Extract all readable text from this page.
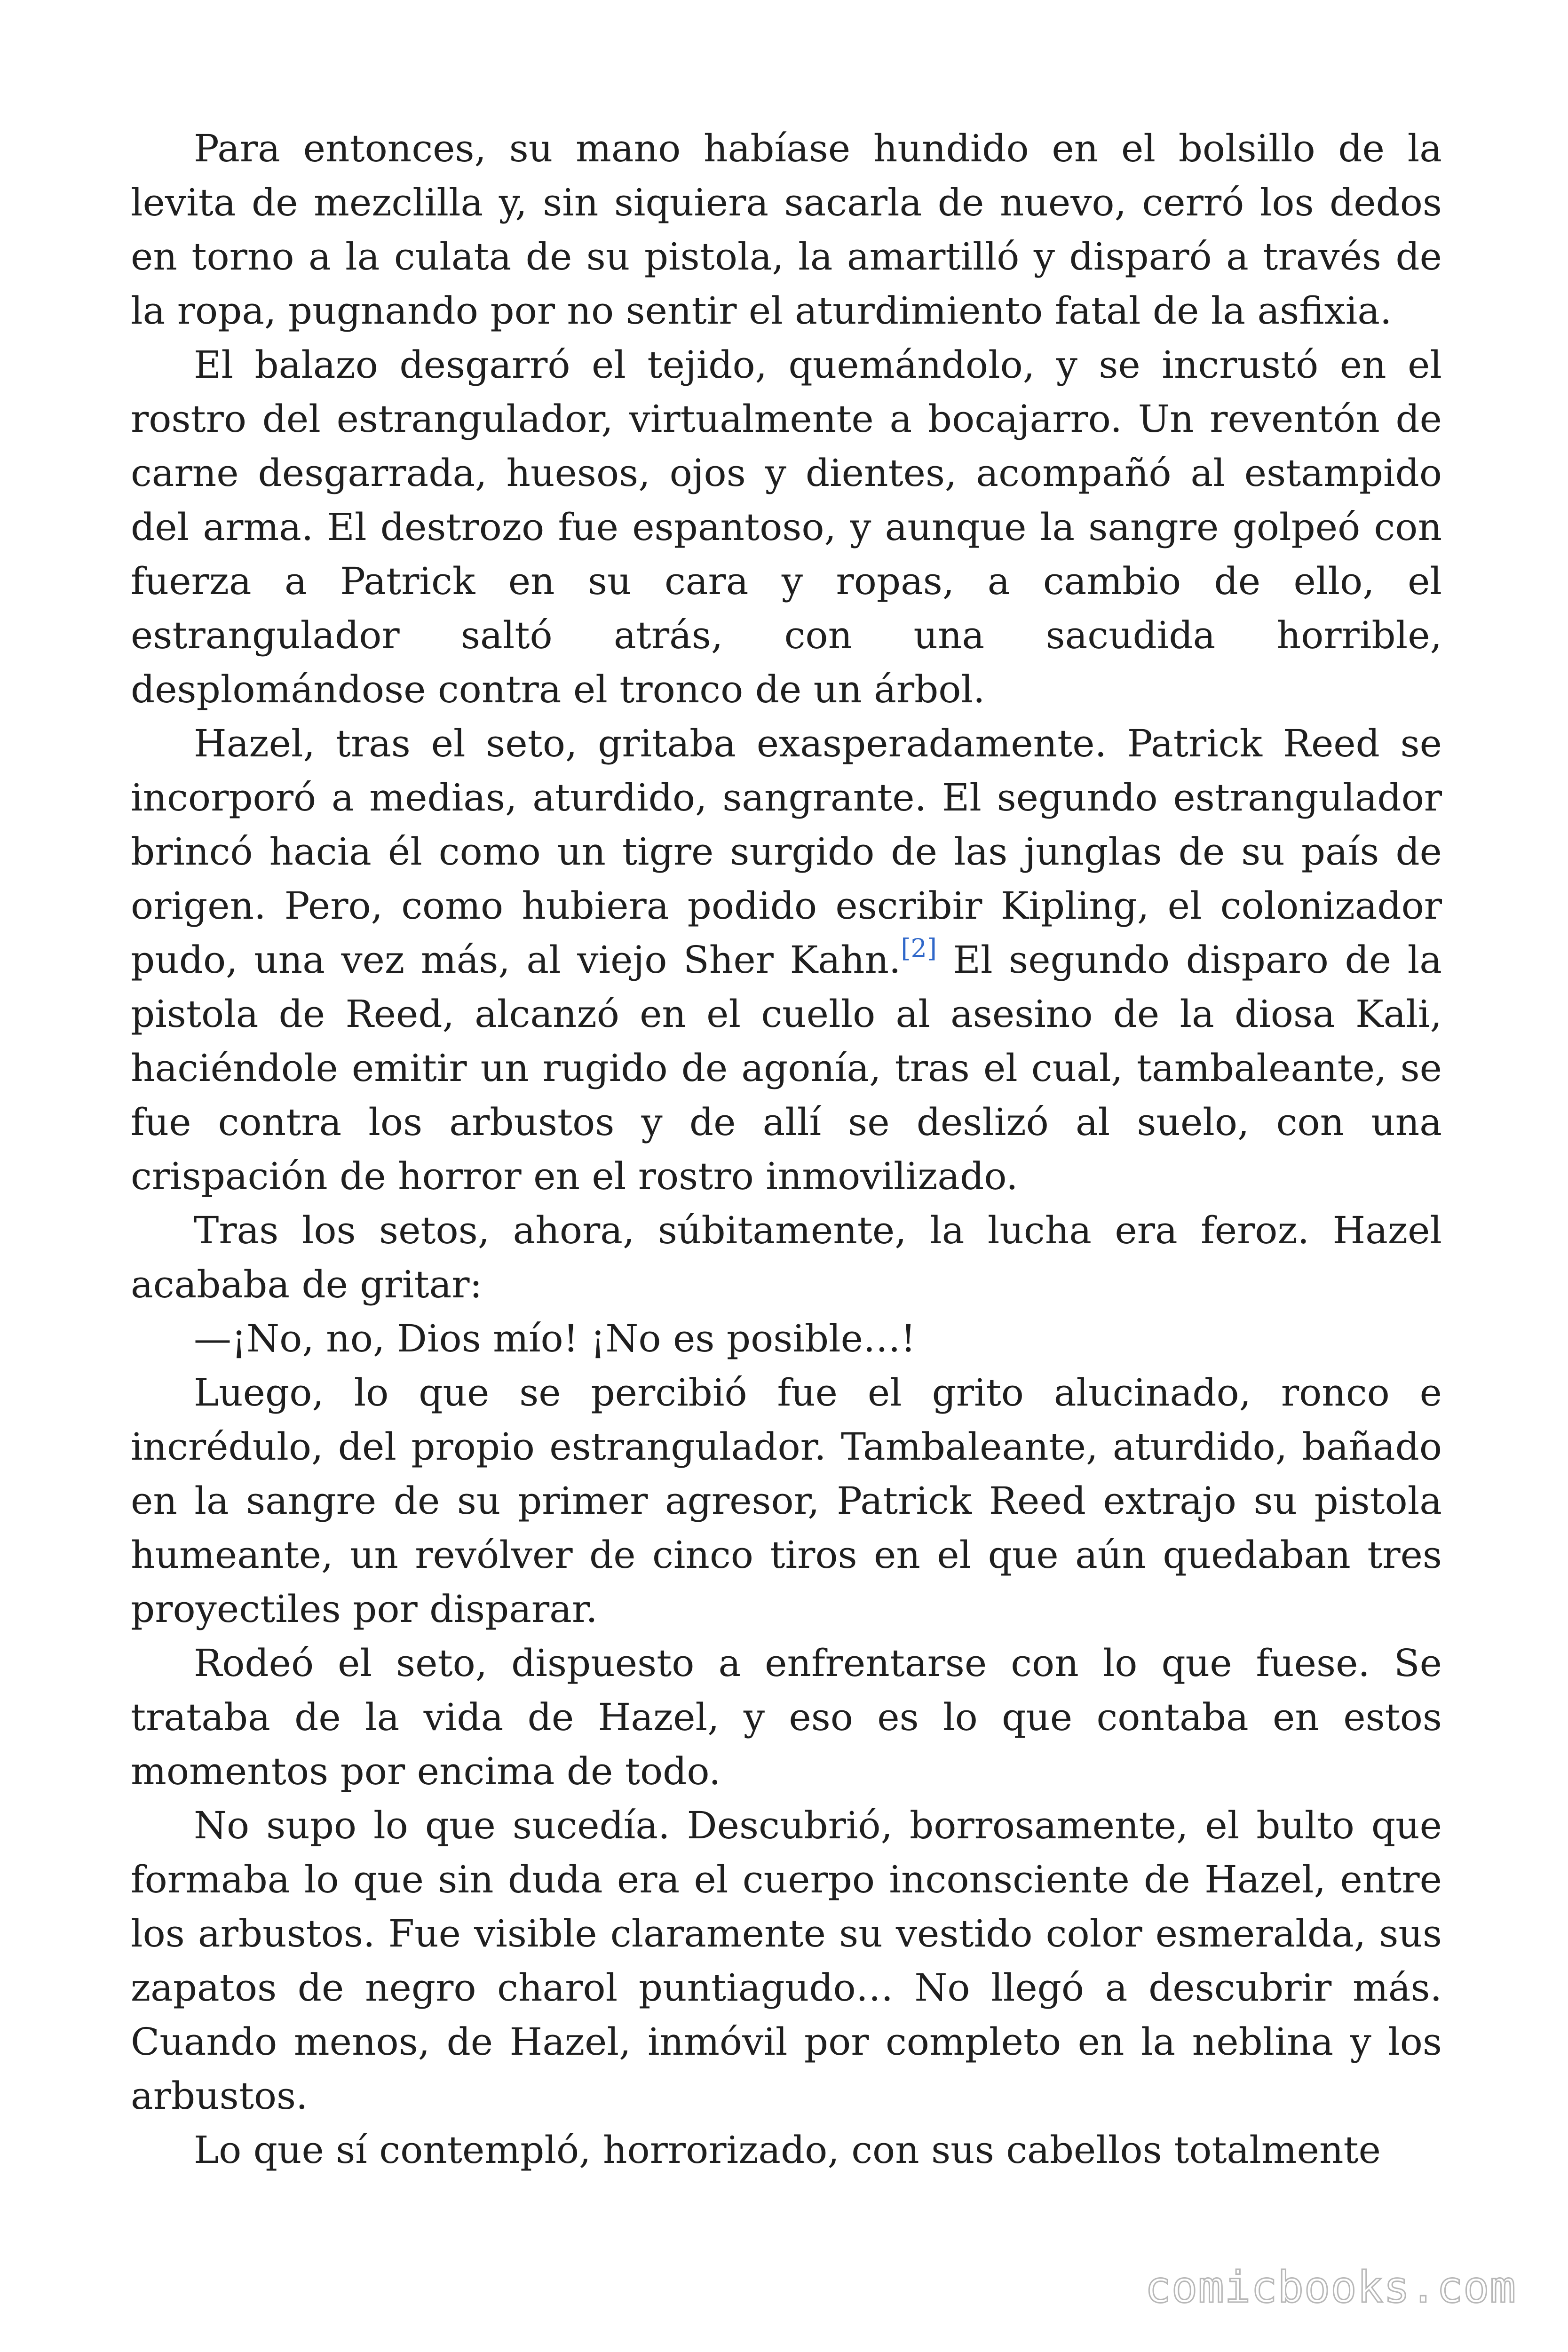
Para entonces, su mano habíase hundido en el bolsillo de la levita de mezclilla y, sin siquiera sacarla de nuevo, cerró los dedos en torno a la culata de su pistola, la amartilló y disparó a través de la ropa, pugnando por no sentir el aturdimiento fatal de la asfixia.

El balazo desgarró el tejido, quemándolo, y se incrustó en el rostro del estrangulador, virtualmente a bocajarro. Un reventón de carne desgarrada, huesos, ojos y dientes, acompañó al estampido del arma. El destrozo fue espantoso, y aunque la sangre golpeó con fuerza a Patrick en su cara y ropas, a cambio de ello, el estrangulador saltó atrás, con una sacudida horrible, desplomándose contra el tronco de un árbol.

Hazel, tras el seto, gritaba exasperadamente. Patrick Reed se incorporó a medias, aturdido, sangrante. El segundo estrangulador brincó hacia él como un tigre surgido de las junglas de su país de origen. Pero, como hubiera podido escribir Kipling, el colonizador pudo, una vez más, al viejo Sher Kahn.[2] El segundo disparo de la pistola de Reed, alcanzó en el cuello al asesino de la diosa Kali, haciéndole emitir un rugido de agonía, tras el cual, tambaleante, se fue contra los arbustos y de allí se deslizó al suelo, con una crispación de horror en el rostro inmovilizado.

Tras los setos, ahora, súbitamente, la lucha era feroz. Hazel acababa de gritar:

—¡No, no, Dios mío! ¡No es posible…!

Luego, lo que se percibió fue el grito alucinado, ronco e incrédulo, del propio estrangulador. Tambaleante, aturdido, bañado en la sangre de su primer agresor, Patrick Reed extrajo su pistola humeante, un revólver de cinco tiros en el que aún quedaban tres proyectiles por disparar.

Rodeó el seto, dispuesto a enfrentarse con lo que fuese. Se trataba de la vida de Hazel, y eso es lo que contaba en estos momentos por encima de todo.

No supo lo que sucedía. Descubrió, borrosamente, el bulto que formaba lo que sin duda era el cuerpo inconsciente de Hazel, entre los arbustos. Fue visible claramente su vestido color esmeralda, sus zapatos de negro charol puntiagudo… No llegó a descubrir más. Cuando menos, de Hazel, inmóvil por completo en la neblina y los arbustos.

Lo que sí contempló, horrorizado, con sus cabellos totalmente

comicbooks.com
